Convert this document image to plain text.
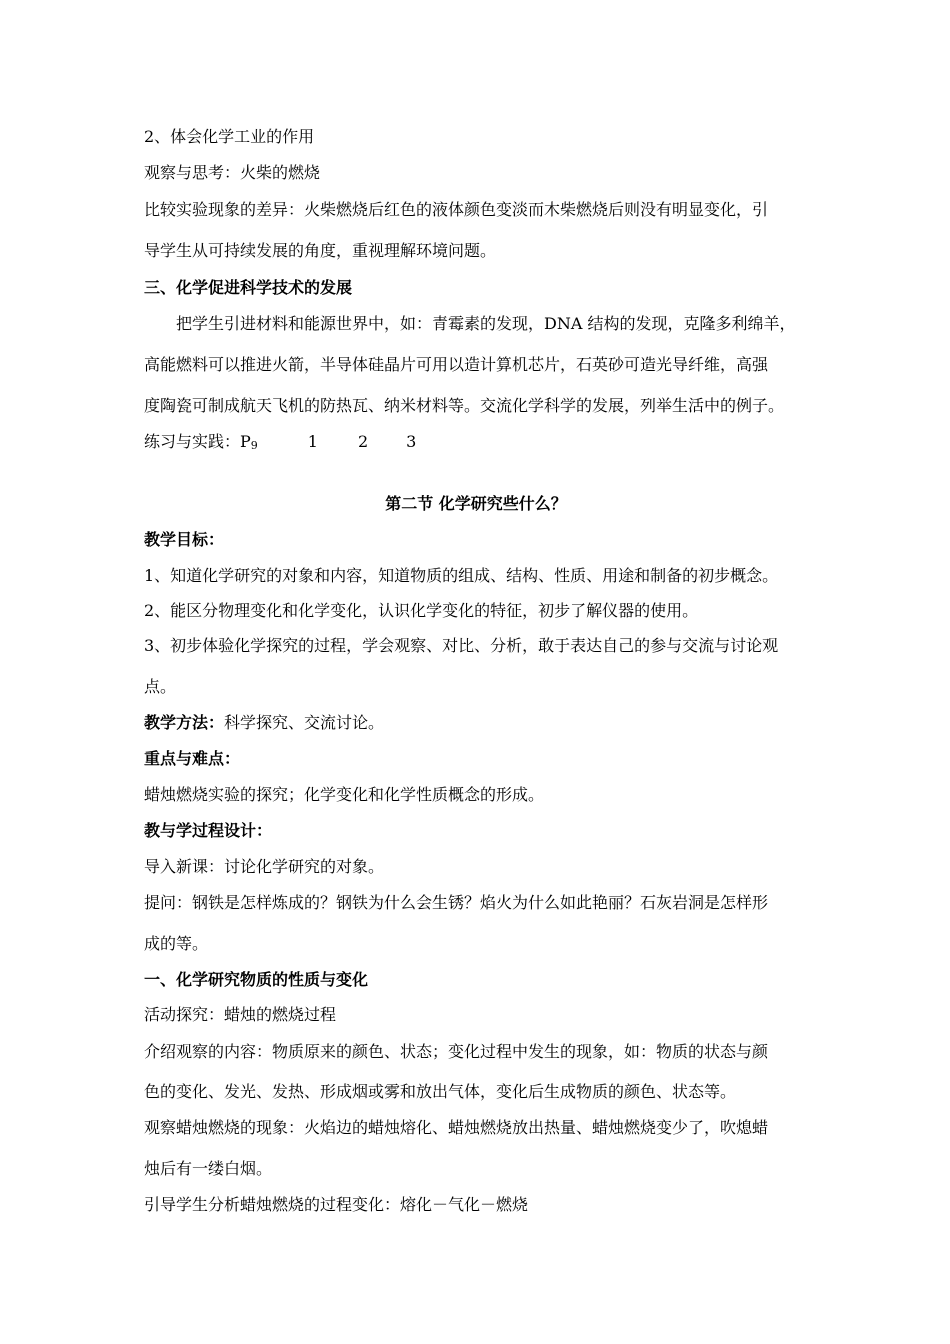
2、体会化学工业的作用
观察与思考：火柴的燃烧
比较实验现象的差异：火柴燃烧后红色的液体颜色变淡而木柴燃烧后则没有明显变化，引
导学生从可持续发展的角度，重视理解环境问题。
三、化学促进科学技术的发展
把学生引进材料和能源世界中，如：青霉素的发现，DNA 结构的发现，克隆多利绵羊，
高能燃料可以推进火箭，半导体硅晶片可用以造计算机芯片，石英砂可造光导纤维，高强
度陶瓷可制成航天飞机的防热瓦、纳米材料等。交流化学科学的发展，列举生活中的例子。
练习与实践：$P_9$	1	2 3
第二节 化学研究些什么？
教学目标：
1、知道化学研究的对象和内容，知道物质的组成、结构、性质、用途和制备的初步概念。
2、能区分物理变化和化学变化，认识化学变化的特征，初步了解仪器的使用。
3、初步体验化学探究的过程，学会观察、对比、分析，敢于表达自己的参与交流与讨论观
点。
教学方法：科学探究、交流讨论。
重点与难点：
蜡烛燃烧实验的探究；化学变化和化学性质概念的形成。
教与学过程设计：
导入新课：讨论化学研究的对象。
提问：钢铁是怎样炼成的？钢铁为什么会生锈？焰火为什么如此艳丽？石灰岩洞是怎样形
成的等。
一、化学研究物质的性质与变化
活动探究：蜡烛的燃烧过程
介绍观察的内容：物质原来的颜色、状态；变化过程中发生的现象，如：物质的状态与颜
色的变化、发光、发热、形成烟或雾和放出气体，变化后生成物质的颜色、状态等。
观察蜡烛燃烧的现象：火焰边的蜡烛熔化、蜡烛燃烧放出热量、蜡烛燃烧变少了，吹熄蜡
烛后有一缕白烟。
引导学生分析蜡烛燃烧的过程变化：熔化－气化－燃烧
